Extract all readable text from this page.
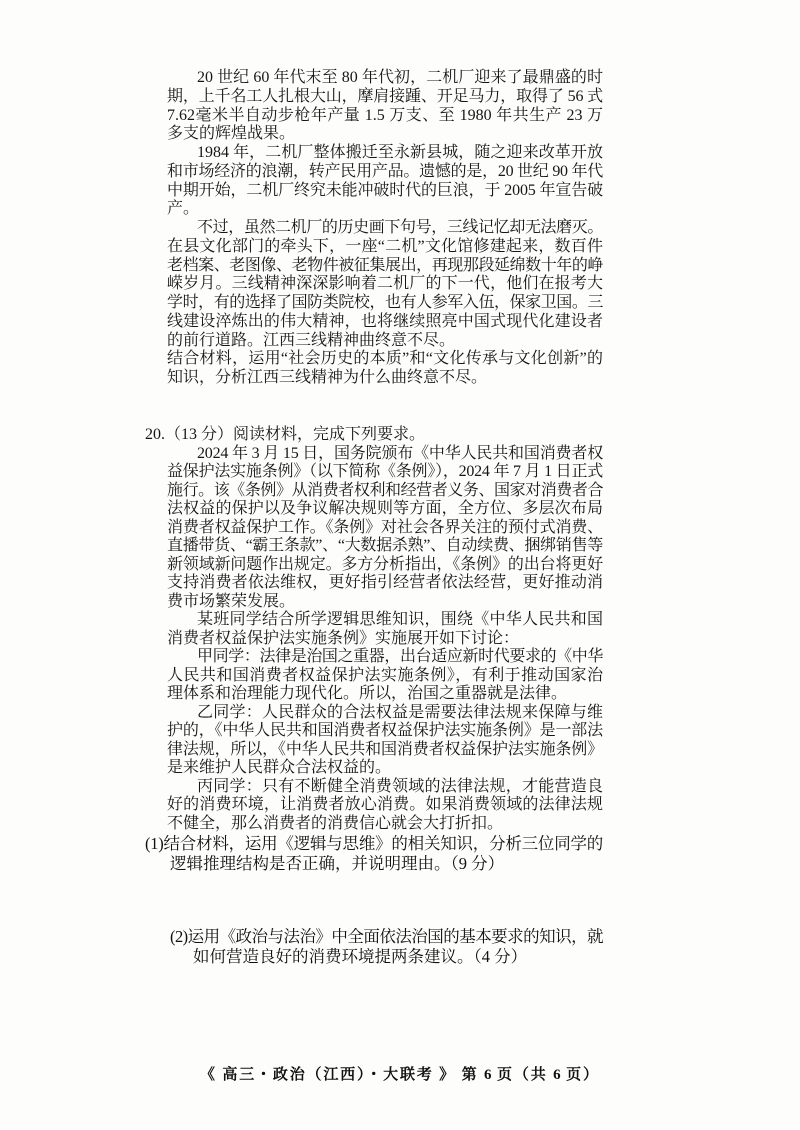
20 世纪 60 年代末至 80 年代初，二机厂迎来了最鼎盛的时
期，上千名工人扎根大山，摩肩接踵、开足马力，取得了 56 式
7.62毫米半自动步枪年产量 1.5 万支、至 1980 年共生产 23 万
多支的辉煌战果。
1984 年，二机厂整体搬迁至永新县城，随之迎来改革开放
和市场经济的浪潮，转产民用产品。遗憾的是，20 世纪 90 年代
中期开始，二机厂终究未能冲破时代的巨浪，于 2005 年宣告破
产。
不过，虽然二机厂的历史画下句号，三线记忆却无法磨灭。
在县文化部门的牵头下，一座“二机”文化馆修建起来，数百件
老档案、老图像、老物件被征集展出，再现那段延绵数十年的峥
嵘岁月。三线精神深深影响着二机厂的下一代，他们在报考大
学时，有的选择了国防类院校，也有人参军入伍，保家卫国。三
线建设淬炼出的伟大精神，也将继续照亮中国式现代化建设者
的前行道路。江西三线精神曲终意不尽。
结合材料，运用“社会历史的本质”和“文化传承与文化创新”的
知识，分析江西三线精神为什么曲终意不尽。
20.（13 分）阅读材料，完成下列要求。
2024 年 3 月 15 日，国务院颁布《中华人民共和国消费者权
益保护法实施条例》（以下简称《条例》），2024 年 7 月 1 日正式
施行。该《条例》从消费者权利和经营者义务、国家对消费者合
法权益的保护以及争议解决规则等方面，全方位、多层次布局
消费者权益保护工作。《条例》对社会各界关注的预付式消费、
直播带货、“霸王条款”、“大数据杀熟”、自动续费、捆绑销售等
新领域新问题作出规定。多方分析指出，《条例》的出台将更好
支持消费者依法维权，更好指引经营者依法经营，更好推动消
费市场繁荣发展。
某班同学结合所学逻辑思维知识，围绕《中华人民共和国
消费者权益保护法实施条例》实施展开如下讨论：
甲同学：法律是治国之重器，出台适应新时代要求的《中华
人民共和国消费者权益保护法实施条例》，有利于推动国家治
理体系和治理能力现代化。所以，治国之重器就是法律。
乙同学：人民群众的合法权益是需要法律法规来保障与维
护的，《中华人民共和国消费者权益保护法实施条例》是一部法
律法规，所以，《中华人民共和国消费者权益保护法实施条例》
是来维护人民群众合法权益的。
丙同学：只有不断健全消费领域的法律法规，才能营造良
好的消费环境，让消费者放心消费。如果消费领域的法律法规
不健全，那么消费者的消费信心就会大打折扣。
(1)结合材料，运用《逻辑与思维》的相关知识，分析三位同学的
逻辑推理结构是否正确，并说明理由。（9 分）
(2)运用《政治与法治》中全面依法治国的基本要求的知识，就
如何营造良好的消费环境提两条建议。（4 分）
《 高三・政治（江西）・大联考 》 第 6 页（共 6 页）
